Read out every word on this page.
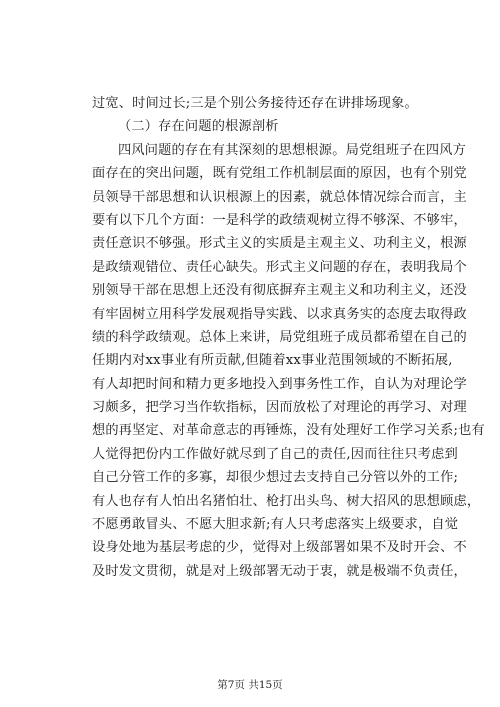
过宽、时间过长;三是个别公务接待还存在讲排场现象。
（二）存在问题的根源剖析
四风问题的存在有其深刻的思想根源。局党组班子在四风方
面存在的突出问题，既有党组工作机制层面的原因，也有个别党
员领导干部思想和认识根源上的因素，就总体情况综合而言，主
要有以下几个方面：一是科学的政绩观树立得不够深、不够牢，
责任意识不够强。形式主义的实质是主观主义、功利主义，根源
是政绩观错位、责任心缺失。形式主义问题的存在，表明我局个
别领导干部在思想上还没有彻底摒弃主观主义和功利主义，还没
有牢固树立用科学发展观指导实践、以求真务实的态度去取得政
绩的科学政绩观。总体上来讲，局党组班子成员都希望在自己的
任期内对xx事业有所贡献,但随着xx事业范围领域的不断拓展,
有人却把时间和精力更多地投入到事务性工作，自认为对理论学
习颇多，把学习当作软指标，因而放松了对理论的再学习、对理
想的再坚定、对革命意志的再锤炼，没有处理好工作学习关系;也有
人觉得把份内工作做好就尽到了自己的责任,因而往往只考虑到
自己分管工作的多寡，却很少想过去支持自己分管以外的工作;
有人也存有人怕出名猪怕壮、枪打出头鸟、树大招风的思想顾虑，
不愿勇敢冒头、不愿大胆求新;有人只考虑落实上级要求，自觉
设身处地为基层考虑的少，觉得对上级部署如果不及时开会、不
及时发文贯彻，就是对上级部署无动于衷，就是极端不负责任，
第7页 共15页
